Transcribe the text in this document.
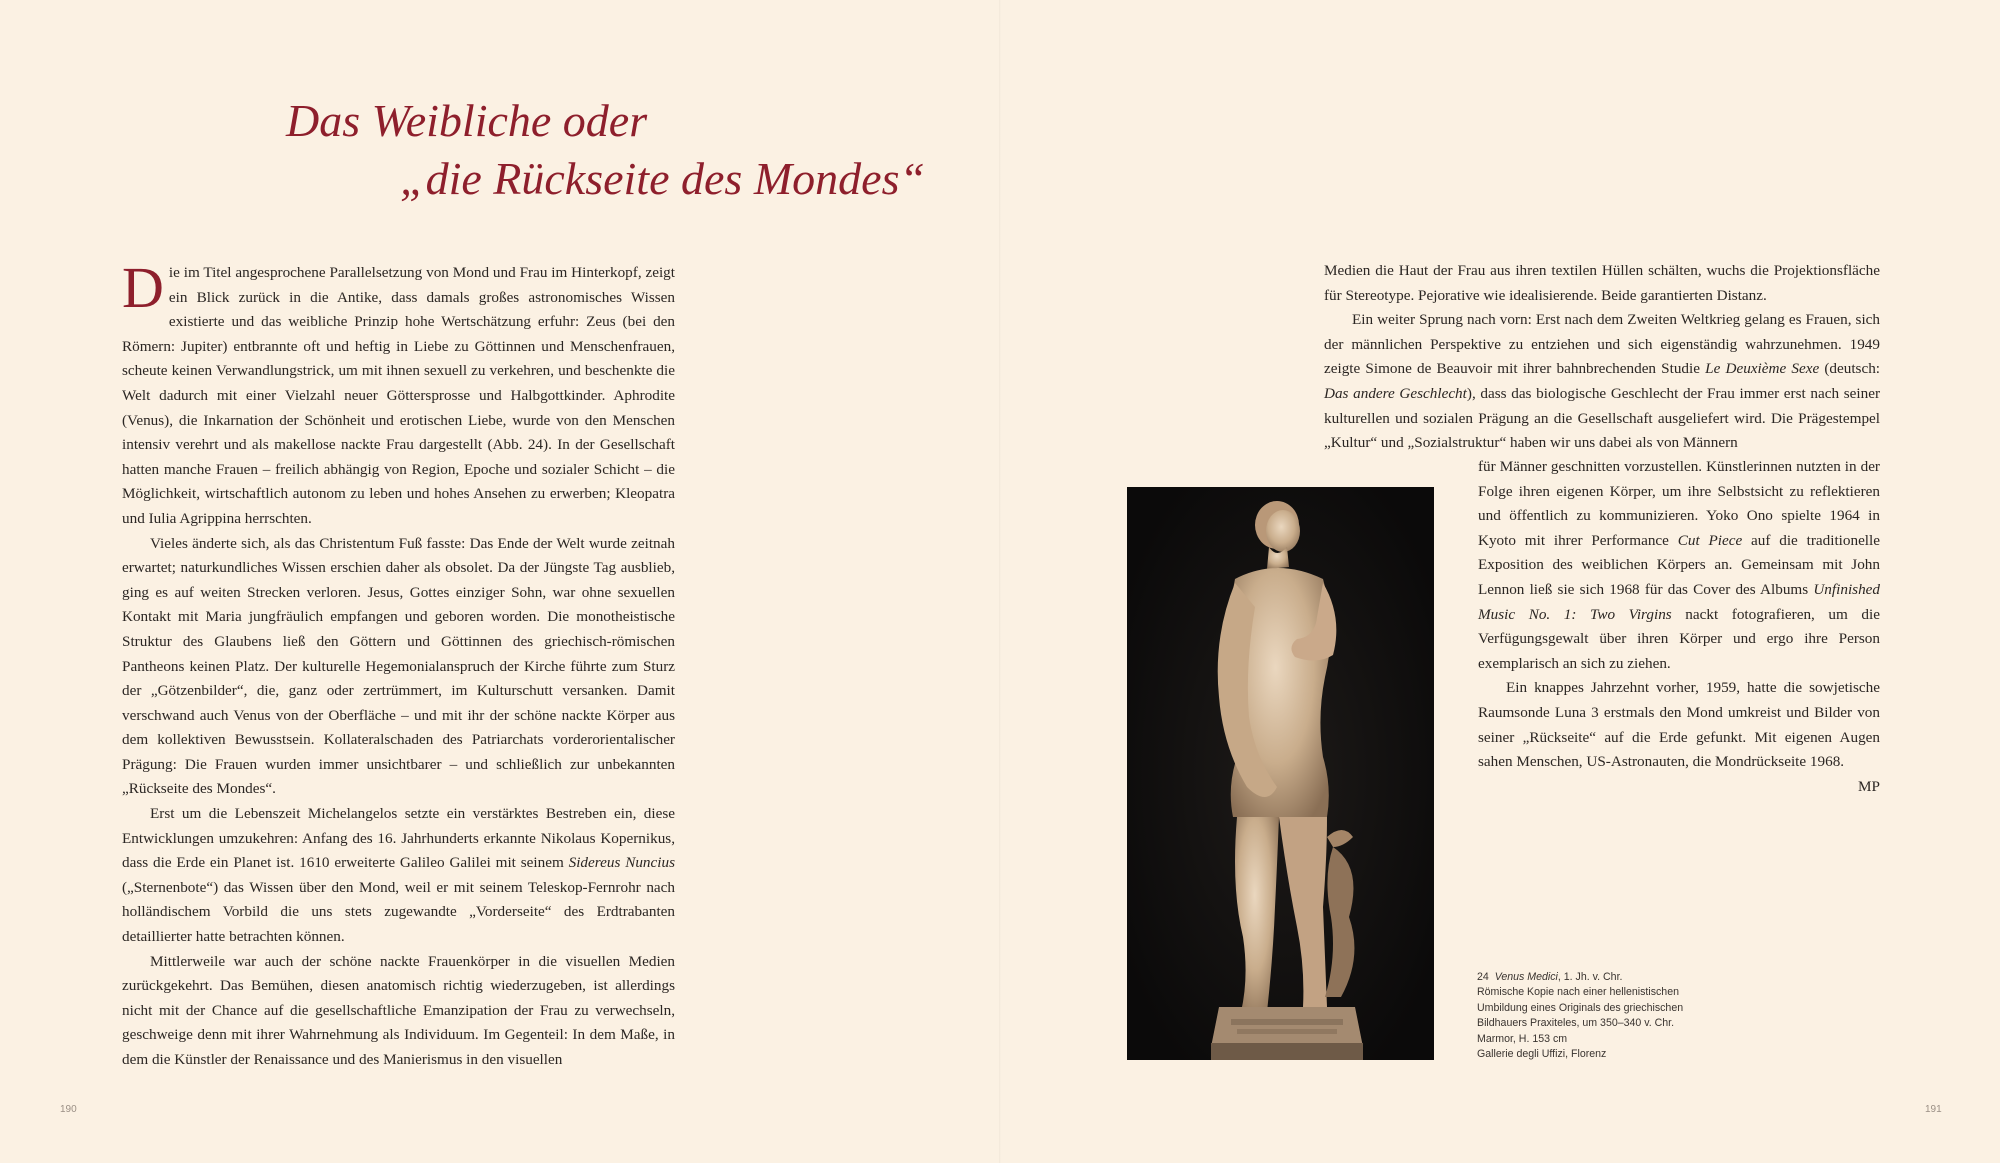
Das Weibliche oder
„die Rückseite des Mondes“

Die im Titel angesprochene Parallelsetzung von Mond und Frau im Hinterkopf, zeigt ein Blick zurück in die Antike, dass damals großes astronomisches Wissen existierte und das weibliche Prinzip hohe Wertschätzung erfuhr: Zeus (bei den Römern: Jupiter) entbrannte oft und heftig in Liebe zu Göttinnen und Menschenfrauen, scheute keinen Verwandlungstrick, um mit ihnen sexuell zu verkehren, und beschenkte die Welt dadurch mit einer Vielzahl neuer Göttersprosse und Halbgottkinder. Aphrodite (Venus), die Inkarnation der Schönheit und erotischen Liebe, wurde von den Menschen intensiv verehrt und als makellose nackte Frau dargestellt (Abb. 24). In der Gesellschaft hatten manche Frauen – freilich abhängig von Region, Epoche und sozialer Schicht – die Möglichkeit, wirtschaftlich autonom zu leben und hohes Ansehen zu erwerben; Kleopatra und Iulia Agrippina herrschten.

Vieles änderte sich, als das Christentum Fuß fasste: Das Ende der Welt wurde zeitnah erwartet; naturkundliches Wissen erschien daher als obsolet. Da der Jüngste Tag ausblieb, ging es auf weiten Strecken verloren. Jesus, Gottes einziger Sohn, war ohne sexuellen Kontakt mit Maria jungfräulich empfangen und geboren worden. Die monotheistische Struktur des Glaubens ließ den Göttern und Göttinnen des griechisch-römischen Pantheons keinen Platz. Der kulturelle Hegemonialanspruch der Kirche führte zum Sturz der „Götzenbilder“, die, ganz oder zertrümmert, im Kulturschutt versanken. Damit verschwand auch Venus von der Oberfläche – und mit ihr der schöne nackte Körper aus dem kollektiven Bewusstsein. Kollateralschaden des Patriarchats vorderorientalischer Prägung: Die Frauen wurden immer unsichtbarer – und schließlich zur unbekannten „Rückseite des Mondes“.

Erst um die Lebenszeit Michelangelos setzte ein verstärktes Bestreben ein, diese Entwicklungen umzukehren: Anfang des 16. Jahrhunderts erkannte Nikolaus Kopernikus, dass die Erde ein Planet ist. 1610 erweiterte Galileo Galilei mit seinem Sidereus Nuncius („Sternenbote“) das Wissen über den Mond, weil er mit seinem Teleskop-Fernrohr nach holländischem Vorbild die uns stets zugewandte „Vorderseite“ des Erdtrabanten detaillierter hatte betrachten können.

Mittlerweile war auch der schöne nackte Frauenkörper in die visuellen Medien zurückgekehrt. Das Bemühen, diesen anatomisch richtig wiederzugeben, ist allerdings nicht mit der Chance auf die gesellschaftliche Emanzipation der Frau zu verwechseln, geschweige denn mit ihrer Wahrnehmung als Individuum. Im Gegenteil: In dem Maße, in dem die Künstler der Renaissance und des Manierismus in den visuellen

190

Medien die Haut der Frau aus ihren textilen Hüllen schälten, wuchs die Projektionsfläche für Stereotype. Pejorative wie idealisierende. Beide garantierten Distanz.

Ein weiter Sprung nach vorn: Erst nach dem Zweiten Weltkrieg gelang es Frauen, sich der männlichen Perspektive zu entziehen und sich eigenständig wahrzunehmen. 1949 zeigte Simone de Beauvoir mit ihrer bahnbrechenden Studie Le Deuxième Sexe (deutsch: Das andere Geschlecht), dass das biologische Geschlecht der Frau immer erst nach seiner kulturellen und sozialen Prägung an die Gesellschaft ausgeliefert wird. Die Prägestempel „Kultur“ und „Sozialstruktur“ haben wir uns dabei als von Männern

für Männer geschnitten vorzustellen. Künstlerinnen nutzten in der Folge ihren eigenen Körper, um ihre Selbstsicht zu reflektieren und öffentlich zu kommunizieren. Yoko Ono spielte 1964 in Kyoto mit ihrer Performance Cut Piece auf die traditionelle Exposition des weiblichen Körpers an. Gemeinsam mit John Lennon ließ sie sich 1968 für das Cover des Albums Unfinished Music No. 1: Two Virgins nackt fotografieren, um die Verfügungsgewalt über ihren Körper und ergo ihre Person exemplarisch an sich zu ziehen.

Ein knappes Jahrzehnt vorher, 1959, hatte die sowjetische Raumsonde Luna 3 erstmals den Mond umkreist und Bilder von seiner „Rückseite“ auf die Erde gefunkt. Mit eigenen Augen sahen Menschen, US-Astronauten, die Mondrückseite 1968.

MP
24 Venus Medici, 1. Jh. v. Chr.
Römische Kopie nach einer hellenistischen
Umbildung eines Originals des griechischen
Bildhauers Praxiteles, um 350–340 v. Chr.
Marmor, H. 153 cm
Gallerie degli Uffizi, Florenz
191
